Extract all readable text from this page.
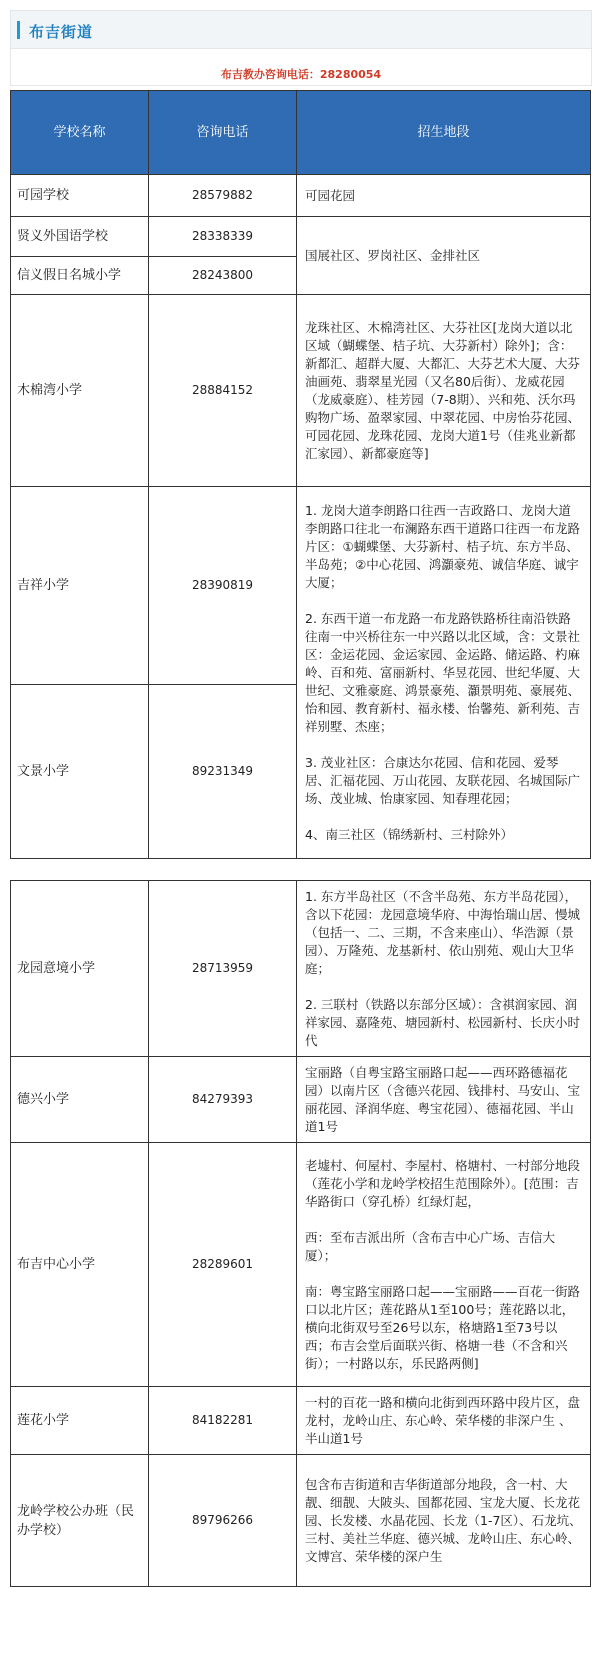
布吉街道
布吉教办咨询电话：28280054
学校名称	咨询电话	招生地段
可园学校	28579882	可园花园

贤义外国语学校	28338339	国展社区、罗岗社区、金排社区

信义假日名城小学	28243800	
木棉湾小学	28884152	龙珠社区、木棉湾社区、大芬社区[龙岗大道以北区域（蝴蝶堡、桔子坑、大芬新村）除外]；含：新都汇、超群大厦、大都汇、大芬艺术大厦、大芬油画苑、翡翠星光园（又名80后街）、龙威花园（龙威豪庭）、桂芳园（7-8期）、兴和苑、沃尔玛购物广场、盈翠家园、中翠花园、中房怡芬花园、可园花园、龙珠花园、龙岗大道1号（佳兆业新都汇家园）、新都豪庭等]

吉祥小学	28390819	1. 龙岗大道李朗路口往西一吉政路口、龙岗大道李朗路口往北一布澜路东西干道路口往西一布龙路片区：①蝴蝶堡、大芬新村、桔子坑、东方半岛、半岛苑；②中心花园、鸿灝豪苑、诚信华庭、诚宇大厦；

2. 东西干道一布龙路一布龙路铁路桥往南沿铁路往南一中兴桥往东一中兴路以北区域，含：文景社区：金运花园、金运家园、金运路、储运路、杓麻岭、百和苑、富丽新村、华昱花园、世纪华厦、大世纪、文雅豪庭、鸿景豪苑、灝景明苑、豪展苑、怡和园、教育新村、福永楼、怡馨苑、新利苑、吉祥别墅、杰座；

3. 茂业社区：合康达尔花园、信和花园、爱琴居、汇福花园、万山花园、友联花园、名城国际广场、茂业城、怡康家园、知春理花园；

4、南三社区（锦绣新村、三村除外）

文景小学	89231349	
龙园意境小学	28713959	1. 东方半岛社区（不含半岛苑、东方半岛花园），含以下花园：龙园意境华府、中海怡瑞山居、慢城（包括一、二、三期，不含来座山）、华浩源（景园）、万隆苑、龙基新村、依山别苑、观山大卫华庭；

2. 三联村（铁路以东部分区域）：含祺润家园、润祥家园、嘉隆苑、塘园新村、松园新村、长庆小时代

德兴小学	84279393	宝丽路（自粤宝路宝丽路口起——西环路德福花园）以南片区（含德兴花园、钱排村、马安山、宝丽花园、泽润华庭、粤宝花园）、德福花园、半山道1号

布吉中心小学	28289601	老墟村、何屋村、李屋村、格塘村、一村部分地段（莲花小学和龙岭学校招生范围除外）。[范围：吉华路街口（穿孔桥）红绿灯起，

西：至布吉派出所（含布吉中心广场、吉信大厦）；

南：粤宝路宝丽路口起——宝丽路——百花一街路口以北片区；莲花路从1至100号；莲花路以北，横向北街双号至26号以东，格塘路1至73号以西；布吉会堂后面联兴街、格塘一巷（不含和兴街）；一村路以东，乐民路两侧]

莲花小学	84182281	一村的百花一路和横向北街到西环路中段片区，盘龙村，龙岭山庄、东心岭、荣华楼的非深户生 、半山道1号

龙岭学校公办班（民办学校）	89796266	包含布吉街道和吉华街道部分地段，含一村、大靓、细靓、大陂头、国都花园、宝龙大厦、长龙花园、长发楼、水晶花园、长龙（1-7区）、石龙坑、三村、美社兰华庭、德兴城、龙岭山庄、东心岭、文博宫、荣华楼的深户生
